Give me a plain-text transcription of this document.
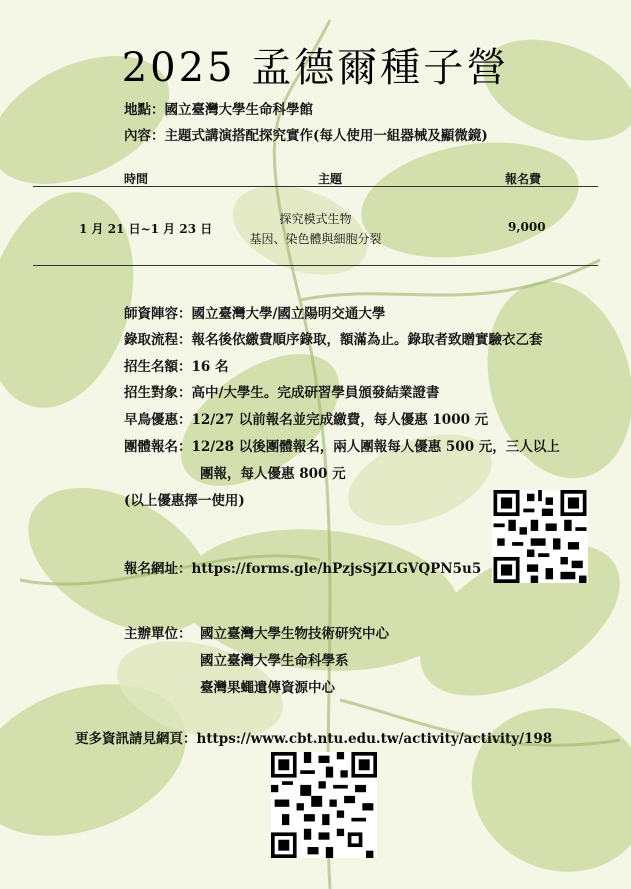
2025 孟德爾種子營
地點：國立臺灣大學生命科學館
內容：主題式講演搭配探究實作(每人使用一組器械及顯微鏡)
時間	主題	報名費
1 月 21 日~1 月 23 日
探究模式生物
基因、染色體與細胞分裂
9,000
師資陣容：國立臺灣大學/國立陽明交通大學
錄取流程：報名後依繳費順序錄取，額滿為止。錄取者致贈實驗衣乙套
招生名額：16 名
招生對象：高中/大學生。完成研習學員頒發結業證書
早鳥優惠：12/27 以前報名並完成繳費，每人優惠 1000 元
團體報名：12/28 以後團體報名，兩人團報每人優惠 500 元，三人以上
團報，每人優惠 800 元
(以上優惠擇一使用)
報名網址：https://forms.gle/hPzjsSjZLGVQPN5u5
主辦單位： 國立臺灣大學生物技術研究中心
國立臺灣大學生命科學系
臺灣果蠅遺傳資源中心
更多資訊請見網頁：https://www.cbt.ntu.edu.tw/activity/activity/198
